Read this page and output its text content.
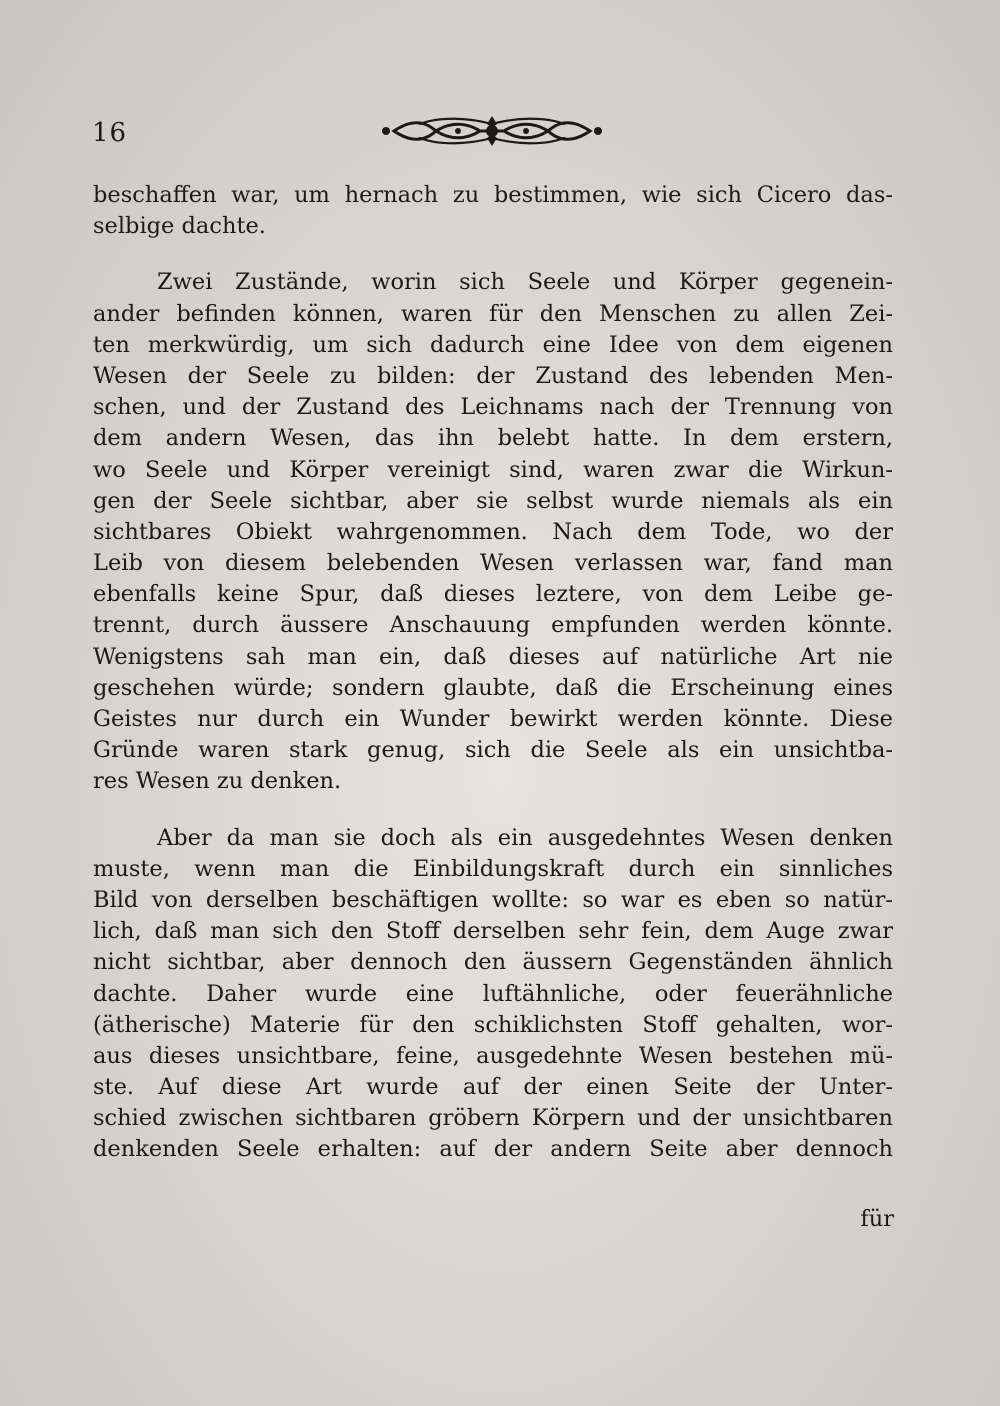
16
beschaffen war, um hernach zu bestimmen, wie sich Cicero das-
selbige dachte.
Zwei Zustände, worin sich Seele und Körper gegenein-
ander befinden können, waren für den Menschen zu allen Zei-
ten merkwürdig, um sich dadurch eine Idee von dem eigenen
Wesen der Seele zu bilden: der Zustand des lebenden Men-
schen, und der Zustand des Leichnams nach der Trennung von
dem andern Wesen, das ihn belebt hatte. In dem erstern,
wo Seele und Körper vereinigt sind, waren zwar die Wirkun-
gen der Seele sichtbar, aber sie selbst wurde niemals als ein
sichtbares Obiekt wahrgenommen. Nach dem Tode, wo der
Leib von diesem belebenden Wesen verlassen war, fand man
ebenfalls keine Spur, daß dieses leztere, von dem Leibe ge-
trennt, durch äussere Anschauung empfunden werden könnte.
Wenigstens sah man ein, daß dieses auf natürliche Art nie
geschehen würde; sondern glaubte, daß die Erscheinung eines
Geistes nur durch ein Wunder bewirkt werden könnte. Diese
Gründe waren stark genug, sich die Seele als ein unsichtba-
res Wesen zu denken.
Aber da man sie doch als ein ausgedehntes Wesen denken
muste, wenn man die Einbildungskraft durch ein sinnliches
Bild von derselben beschäftigen wollte: so war es eben so natür-
lich, daß man sich den Stoff derselben sehr fein, dem Auge zwar
nicht sichtbar, aber dennoch den äussern Gegenständen ähnlich
dachte. Daher wurde eine luftähnliche, oder feuerähnliche
(ätherische) Materie für den schiklichsten Stoff gehalten, wor-
aus dieses unsichtbare, feine, ausgedehnte Wesen bestehen mü-
ste. Auf diese Art wurde auf der einen Seite der Unter-
schied zwischen sichtbaren gröbern Körpern und der unsichtbaren
denkenden Seele erhalten: auf der andern Seite aber dennoch
für
